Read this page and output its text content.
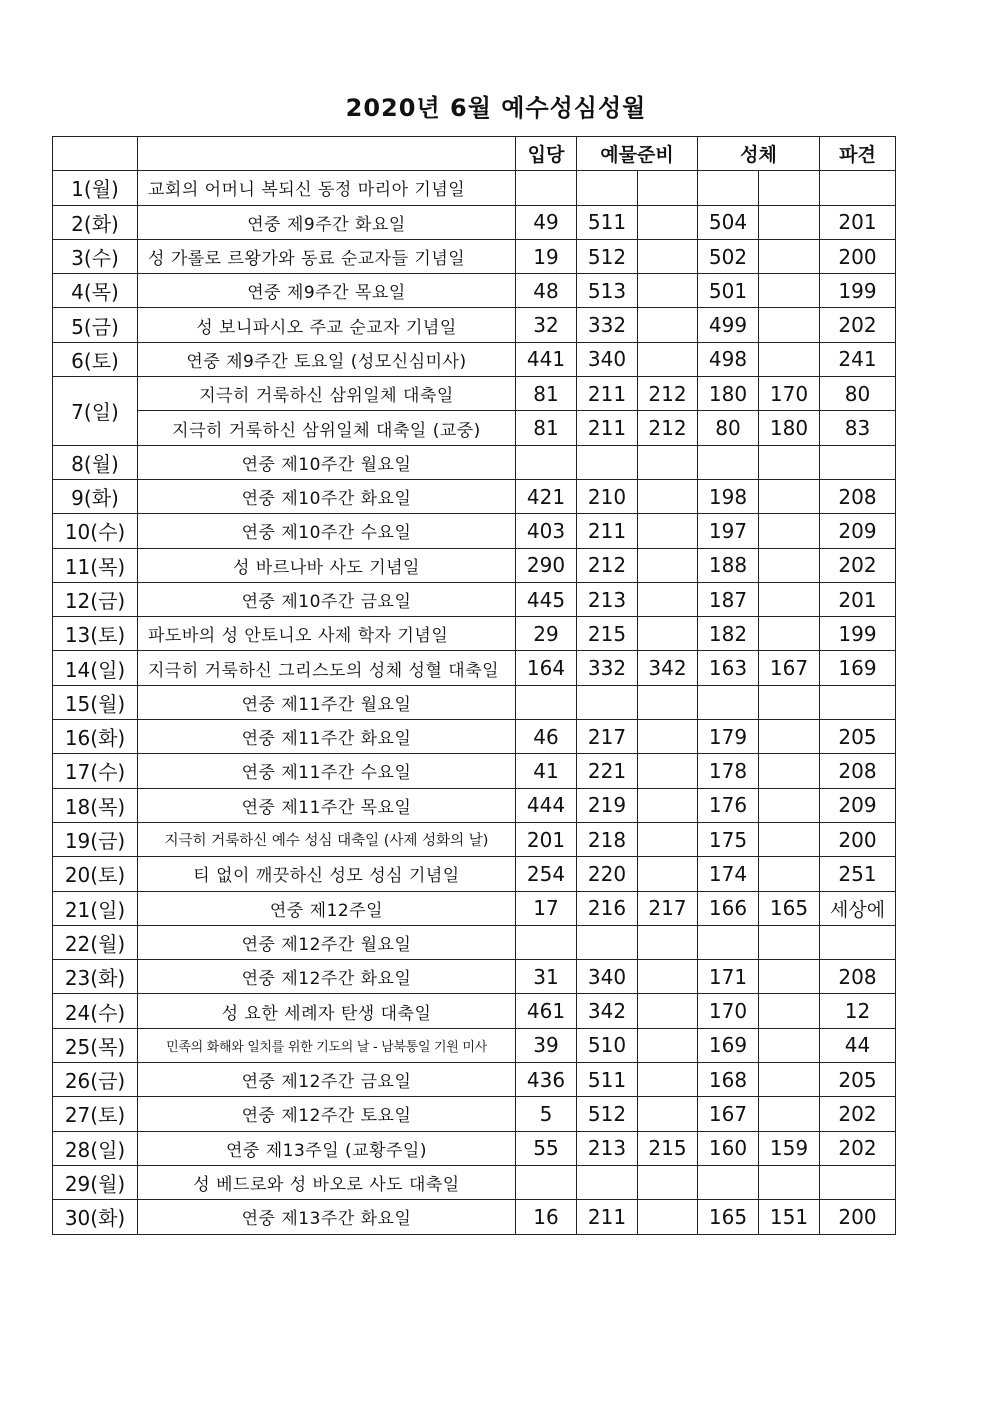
2020년 6월 예수성심성월
		입당	예물준비		성체		파견
1(월)	교회의 어머니 복되신 동정 마리아 기념일						
2(화)	연중 제9주간 화요일	49	511		504		201
3(수)	성 가롤로 르왕가와 동료 순교자들 기념일	19	512		502		200
4(목)	연중 제9주간 목요일	48	513		501		199
5(금)	성 보니파시오 주교 순교자 기념일	32	332		499		202
6(토)	연중 제9주간 토요일 (성모신심미사)	441	340		498		241
7(일)	지극히 거룩하신 삼위일체 대축일	81	211	212	180	170	80
	지극히 거룩하신 삼위일체 대축일 (교중)	81	211	212	80	180	83
8(월)	연중 제10주간 월요일						
9(화)	연중 제10주간 화요일	421	210		198		208
10(수)	연중 제10주간 수요일	403	211		197		209
11(목)	성 바르나바 사도 기념일	290	212		188		202
12(금)	연중 제10주간 금요일	445	213		187		201
13(토)	파도바의 성 안토니오 사제 학자 기념일	29	215		182		199
14(일)	지극히 거룩하신 그리스도의 성체 성혈 대축일	164	332	342	163	167	169
15(월)	연중 제11주간 월요일						
16(화)	연중 제11주간 화요일	46	217		179		205
17(수)	연중 제11주간 수요일	41	221		178		208
18(목)	연중 제11주간 목요일	444	219		176		209
19(금)	지극히 거룩하신 예수 성심 대축일 (사제 성화의 날)	201	218		175		200
20(토)	티 없이 깨끗하신 성모 성심 기념일	254	220		174		251
21(일)	연중 제12주일	17	216	217	166	165	세상에
22(월)	연중 제12주간 월요일						
23(화)	연중 제12주간 화요일	31	340		171		208
24(수)	성 요한 세례자 탄생 대축일	461	342		170		12
25(목)	민족의 화해와 일치를 위한 기도의 날 - 남북통일 기원 미사	39	510		169		44
26(금)	연중 제12주간 금요일	436	511		168		205
27(토)	연중 제12주간 토요일	5	512		167		202
28(일)	연중 제13주일 (교황주일)	55	213	215	160	159	202
29(월)	성 베드로와 성 바오로 사도 대축일						
30(화)	연중 제13주간 화요일	16	211		165	151	200
